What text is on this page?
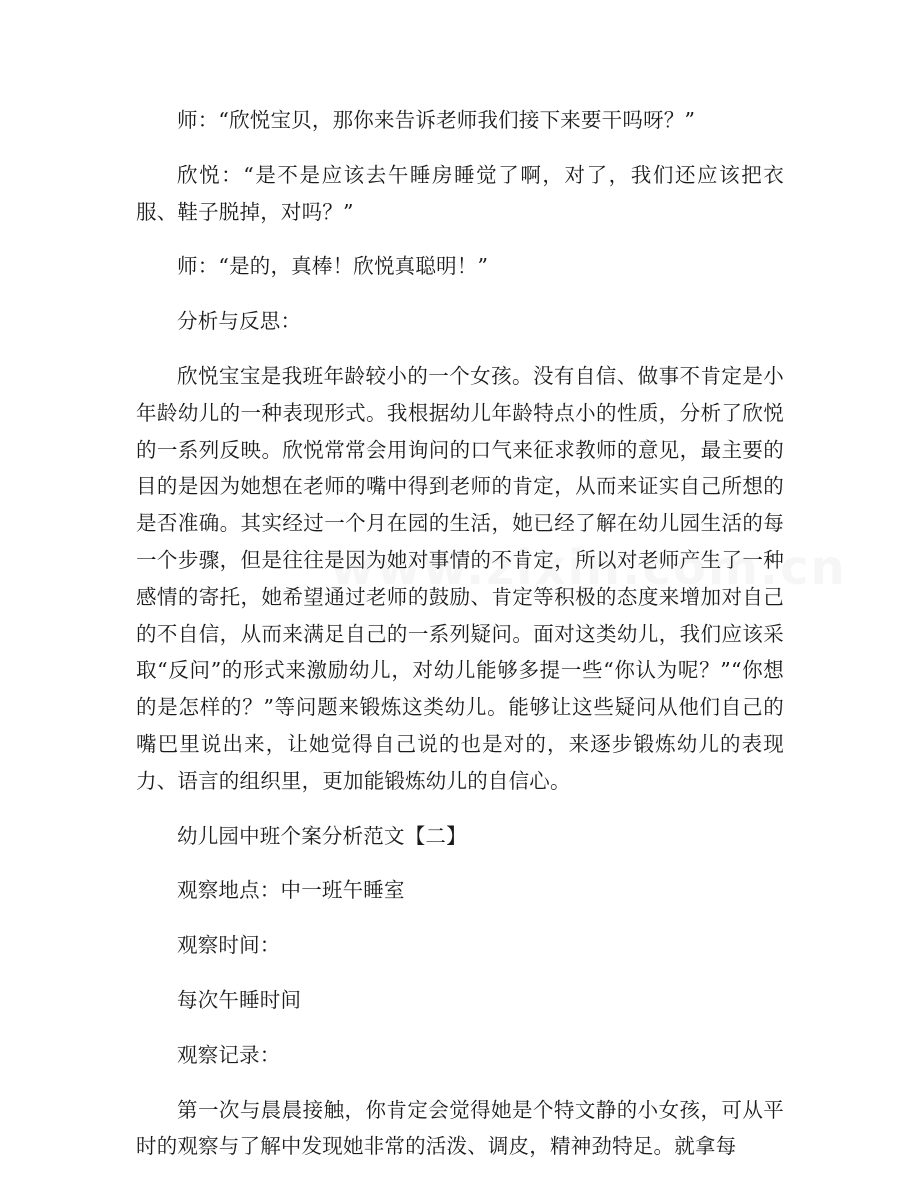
师：“欣悦宝贝，那你来告诉老师我们接下来要干吗呀？”

欣悦：“是不是应该去午睡房睡觉了啊，对了，我们还应该把衣服、鞋子脱掉，对吗？”

师：“是的，真棒！欣悦真聪明！”

分析与反思：

欣悦宝宝是我班年龄较小的一个女孩。没有自信、做事不肯定是小年龄幼儿的一种表现形式。我根据幼儿年龄特点小的性质，分析了欣悦的一系列反映。欣悦常常会用询问的口气来征求教师的意见，最主要的目的是因为她想在老师的嘴中得到老师的肯定，从而来证实自己所想的是否准确。其实经过一个月在园的生活，她已经了解在幼儿园生活的每一个步骤，但是往往是因为她对事情的不肯定，所以对老师产生了一种感情的寄托，她希望通过老师的鼓励、肯定等积极的态度来增加对自己的不自信，从而来满足自己的一系列疑问。面对这类幼儿，我们应该采取“反问”的形式来激励幼儿，对幼儿能够多提一些“你认为呢？”“你想的是怎样的？”等问题来锻炼这类幼儿。能够让这些疑问从他们自己的嘴巴里说出来，让她觉得自己说的也是对的，来逐步锻炼幼儿的表现力、语言的组织里，更加能锻炼幼儿的自信心。

幼儿园中班个案分析范文【二】

观察地点：中一班午睡室

观察时间：

每次午睡时间

观察记录：

第一次与晨晨接触，你肯定会觉得她是个特文静的小女孩，可从平时的观察与了解中发现她非常的活泼、调皮，精神劲特足。就拿每
